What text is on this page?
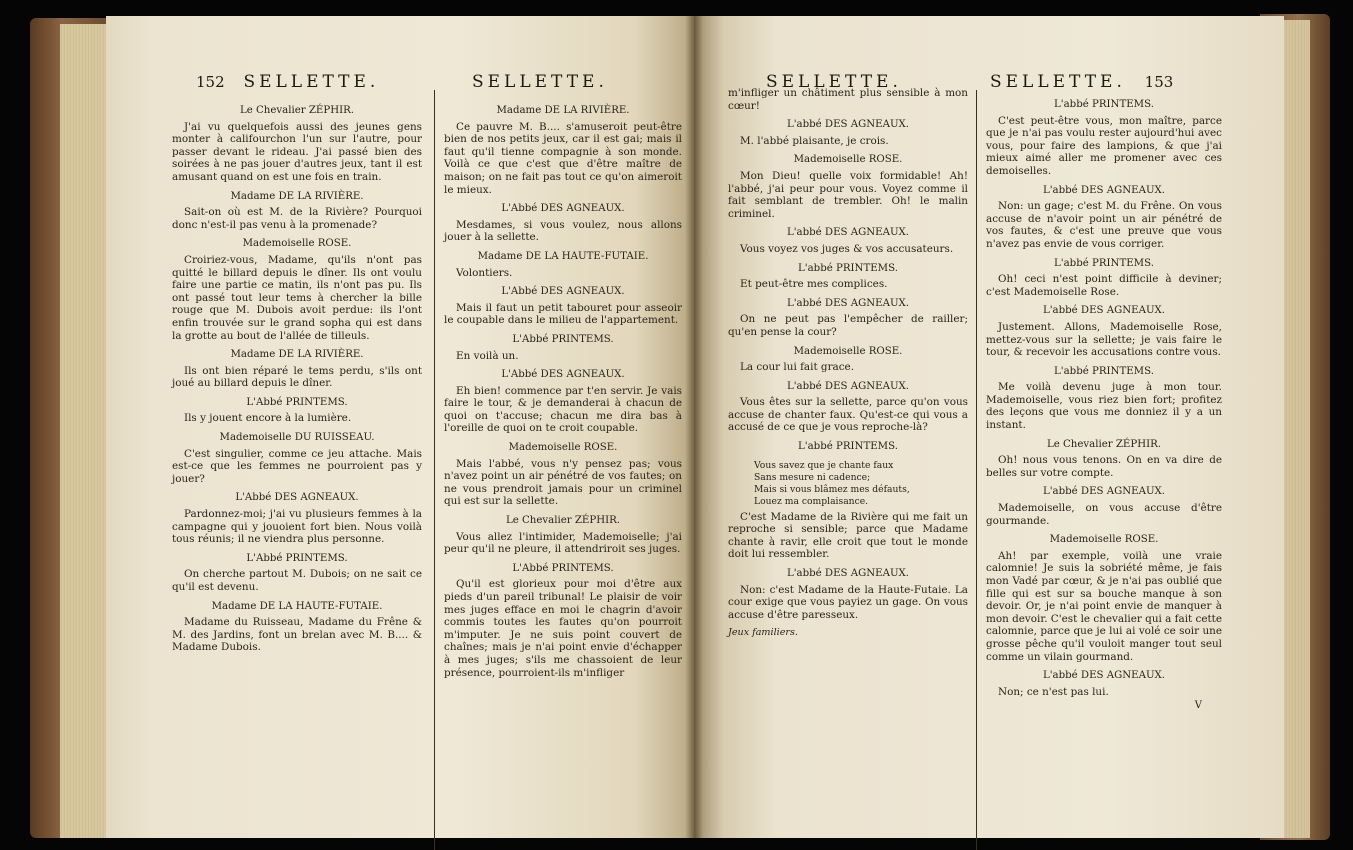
152 SELLETTE.	SELLETTE.

Le Chevalier ZÉPHIR.

J'ai vu quelquefois aussi des jeunes gens monter à califourchon l'un sur l'autre, pour passer devant le rideau. J'ai passé bien des soirées à ne pas jouer d'autres jeux, tant il est amusant quand on est une fois en train.

Madame DE LA RIVIÈRE.

Sait-on où est M. de la Rivière? Pourquoi donc n'est-il pas venu à la promenade?

Mademoiselle ROSE.

Croiriez-vous, Madame, qu'ils n'ont pas quitté le billard depuis le dîner. Ils ont voulu faire une partie ce matin, ils n'ont pas pu. Ils ont passé tout leur tems à chercher la bille rouge que M. Dubois avoit perdue: ils l'ont enfin trouvée sur le grand sopha qui est dans la grotte au bout de l'allée de tilleuls.

Madame DE LA RIVIÈRE.

Ils ont bien réparé le tems perdu, s'ils ont joué au billard depuis le dîner.

L'Abbé PRINTEMS.

Ils y jouent encore à la lumière.

Mademoiselle DU RUISSEAU.

C'est singulier, comme ce jeu attache. Mais est-ce que les femmes ne pourroient pas y jouer?

L'Abbé DES AGNEAUX.

Pardonnez-moi; j'ai vu plusieurs femmes à la campagne qui y jouoient fort bien. Nous voilà tous réunis; il ne viendra plus personne.

L'Abbé PRINTEMS.

On cherche partout M. Dubois; on ne sait ce qu'il est devenu.

Madame DE LA HAUTE-FUTAIE.

Madame du Ruisseau, Madame du Frêne & M. des Jardins, font un brelan avec M. B.... & Madame Dubois.

Madame DE LA RIVIÈRE.

Ce pauvre M. B.... s'amuseroit peut-être bien de nos petits jeux, car il est gai; mais il faut qu'il tienne compagnie à son monde. Voilà ce que c'est que d'être maître de maison; on ne fait pas tout ce qu'on aimeroit le mieux.

L'Abbé DES AGNEAUX.

Mesdames, si vous voulez, nous allons jouer à la sellette.

Madame DE LA HAUTE-FUTAIE.

Volontiers.

L'Abbé DES AGNEAUX.

Mais il faut un petit tabouret pour asseoir le coupable dans le milieu de l'appartement.

L'Abbé PRINTEMS.

En voilà un.

L'Abbé DES AGNEAUX.

Eh bien! commence par t'en servir. Je vais faire le tour, & je demanderai à chacun de quoi on t'accuse; chacun me dira bas à l'oreille de quoi on te croit coupable.

Mademoiselle ROSE.

Mais l'abbé, vous n'y pensez pas; vous n'avez point un air pénétré de vos fautes; on ne vous prendroit jamais pour un criminel qui est sur la sellette.

Le Chevalier ZÉPHIR.

Vous allez l'intimider, Mademoiselle; j'ai peur qu'il ne pleure, il attendriroit ses juges.

L'Abbé PRINTEMS.

Qu'il est glorieux pour moi d'être aux pieds d'un pareil tribunal! Le plaisir de voir mes juges efface en moi le chagrin d'avoir commis toutes les fautes qu'on pourroit m'imputer. Je ne suis point couvert de chaînes; mais je n'ai point envie d'échapper à mes juges; s'ils me chassoient de leur présence, pourroient-ils m'infliger

SELLETTE.	SELLETTE. 153

m'infliger un châtiment plus sensible à mon cœur!

L'abbé DES AGNEAUX.

M. l'abbé plaisante, je crois.

Mademoiselle ROSE.

Mon Dieu! quelle voix formidable! Ah! l'abbé, j'ai peur pour vous. Voyez comme il fait semblant de trembler. Oh! le malin criminel.

L'abbé DES AGNEAUX.

Vous voyez vos juges & vos accusateurs.

L'abbé PRINTEMS.

Et peut-être mes complices.

L'abbé DES AGNEAUX.

On ne peut pas l'empêcher de railler; qu'en pense la cour?

Mademoiselle ROSE.

La cour lui fait grace.

L'abbé DES AGNEAUX.

Vous êtes sur la sellette, parce qu'on vous accuse de chanter faux. Qu'est-ce qui vous a accusé de ce que je vous reproche-là?

L'abbé PRINTEMS.

Vous savez que je chante faux
Sans mesure ni cadence;
Mais si vous blâmez mes défauts,
Louez ma complaisance.

C'est Madame de la Rivière qui me fait un reproche si sensible; parce que Madame chante à ravir, elle croit que tout le monde doit lui ressembler.

L'abbé DES AGNEAUX.

Non: c'est Madame de la Haute-Futaie. La cour exige que vous payiez un gage. On vous accuse d'être paresseux.

Jeux familiers.

L'abbé PRINTEMS.

C'est peut-être vous, mon maître, parce que je n'ai pas voulu rester aujourd'hui avec vous, pour faire des lampions, & que j'ai mieux aimé aller me promener avec ces demoiselles.

L'abbé DES AGNEAUX.

Non: un gage; c'est M. du Frêne. On vous accuse de n'avoir point un air pénétré de vos fautes, & c'est une preuve que vous n'avez pas envie de vous corriger.

L'abbé PRINTEMS.

Oh! ceci n'est point difficile à deviner; c'est Mademoiselle Rose.

L'abbé DES AGNEAUX.

Justement. Allons, Mademoiselle Rose, mettez-vous sur la sellette; je vais faire le tour, & recevoir les accusations contre vous.

L'abbé PRINTEMS.

Me voilà devenu juge à mon tour. Mademoiselle, vous riez bien fort; profitez des leçons que vous me donniez il y a un instant.

Le Chevalier ZÉPHIR.

Oh! nous vous tenons. On en va dire de belles sur votre compte.

L'abbé DES AGNEAUX.

Mademoiselle, on vous accuse d'être gourmande.

Mademoiselle ROSE.

Ah! par exemple, voilà une vraie calomnie! Je suis la sobriété même, je fais mon Vadé par cœur, & je n'ai pas oublié que fille qui est sur sa bouche manque à son devoir. Or, je n'ai point envie de manquer à mon devoir. C'est le chevalier qui a fait cette calomnie, parce que je lui ai volé ce soir une grosse pêche qu'il vouloit manger tout seul comme un vilain gourmand.

L'abbé DES AGNEAUX.

Non; ce n'est pas lui.

V
